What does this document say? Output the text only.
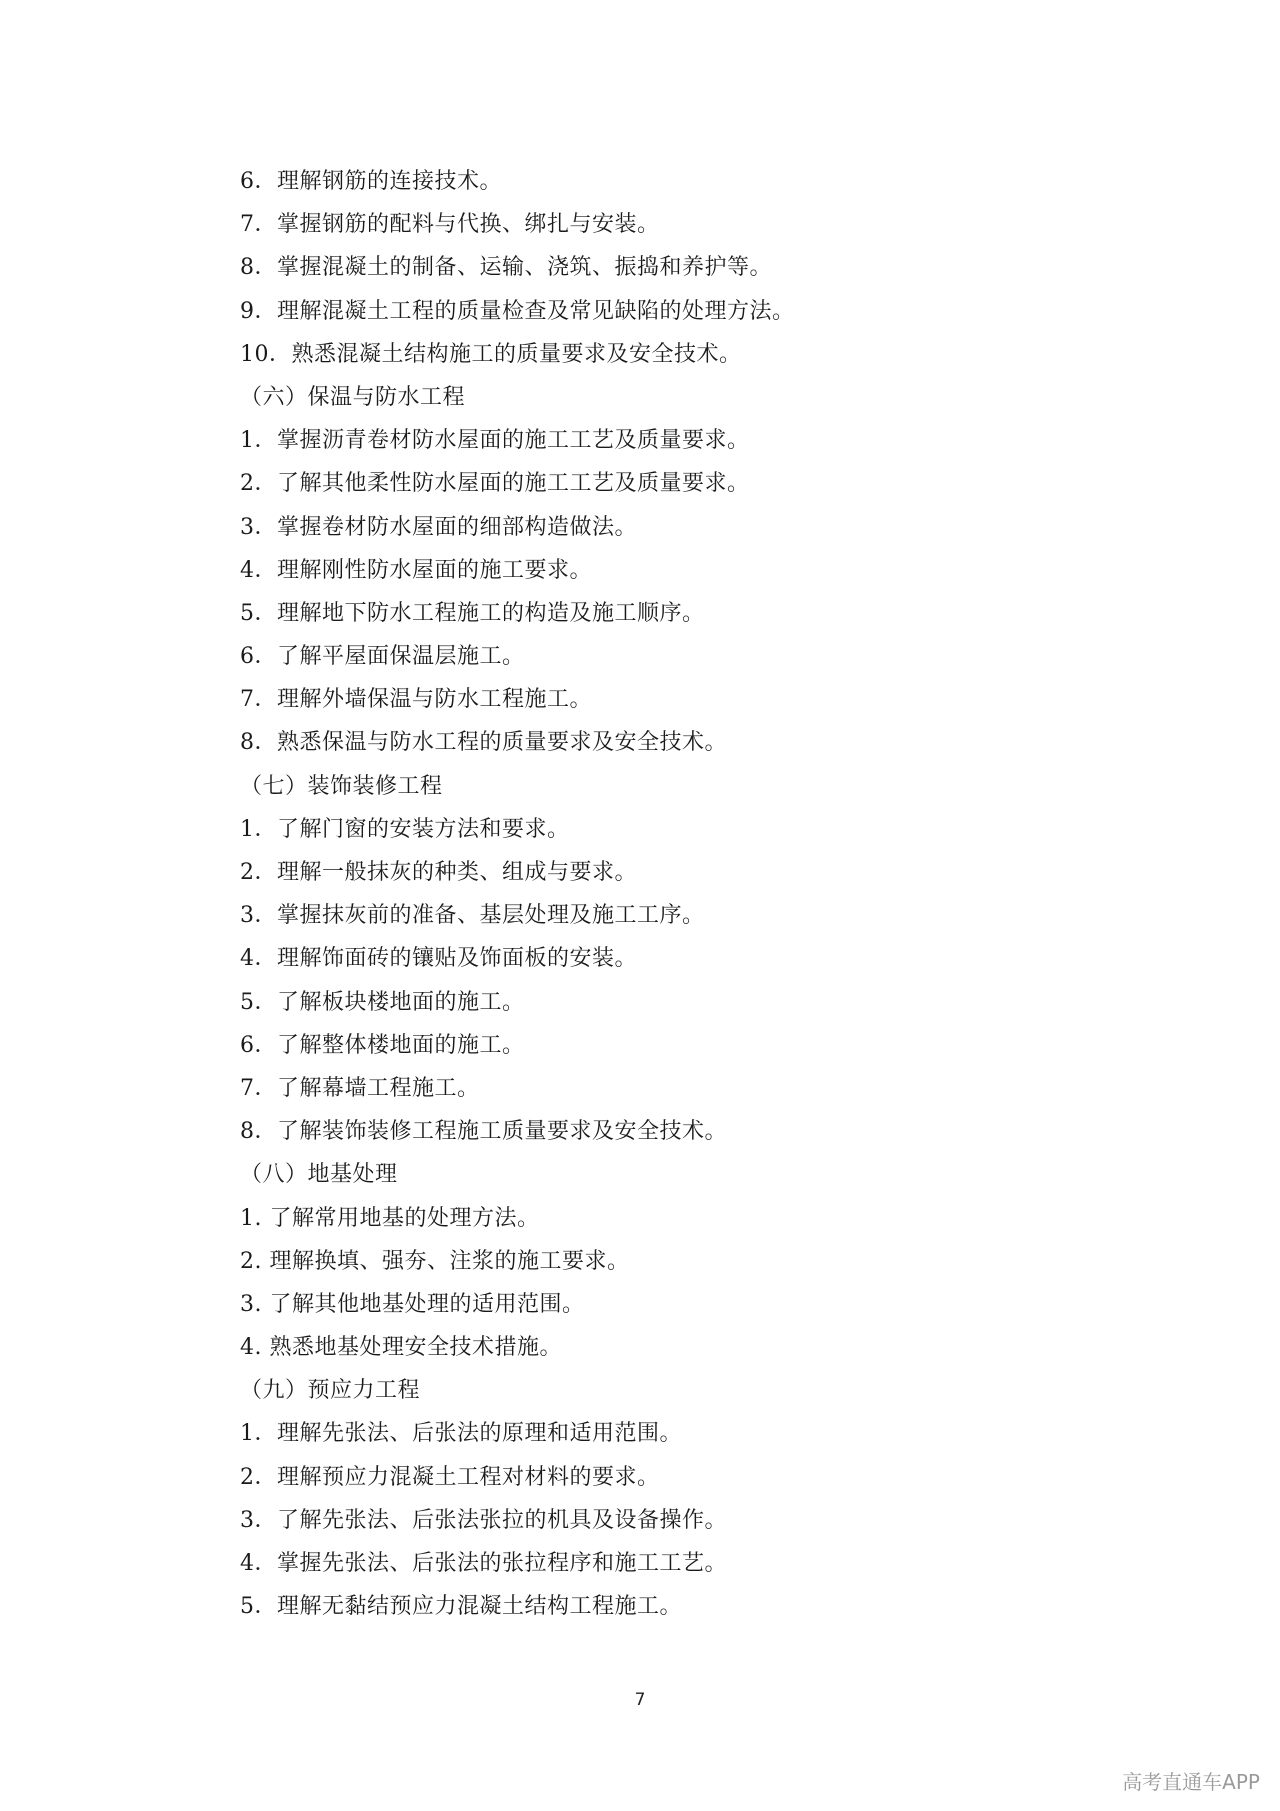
6．理解钢筋的连接技术。
7．掌握钢筋的配料与代换、绑扎与安装。
8．掌握混凝土的制备、运输、浇筑、振捣和养护等。
9．理解混凝土工程的质量检查及常见缺陷的处理方法。
10．熟悉混凝土结构施工的质量要求及安全技术。
（六）保温与防水工程
1．掌握沥青卷材防水屋面的施工工艺及质量要求。
2．了解其他柔性防水屋面的施工工艺及质量要求。
3．掌握卷材防水屋面的细部构造做法。
4．理解刚性防水屋面的施工要求。
5．理解地下防水工程施工的构造及施工顺序。
6．了解平屋面保温层施工。
7．理解外墙保温与防水工程施工。
8．熟悉保温与防水工程的质量要求及安全技术。
（七）装饰装修工程
1．了解门窗的安装方法和要求。
2．理解一般抹灰的种类、组成与要求。
3．掌握抹灰前的准备、基层处理及施工工序。
4．理解饰面砖的镶贴及饰面板的安装。
5．了解板块楼地面的施工。
6．了解整体楼地面的施工。
7．了解幕墙工程施工。
8．了解装饰装修工程施工质量要求及安全技术。
（八）地基处理
1. 了解常用地基的处理方法。
2. 理解换填、强夯、注浆的施工要求。
3. 了解其他地基处理的适用范围。
4. 熟悉地基处理安全技术措施。
（九）预应力工程
1．理解先张法、后张法的原理和适用范围。
2．理解预应力混凝土工程对材料的要求。
3．了解先张法、后张法张拉的机具及设备操作。
4．掌握先张法、后张法的张拉程序和施工工艺。
5．理解无黏结预应力混凝土结构工程施工。
7
高考直通车APP
